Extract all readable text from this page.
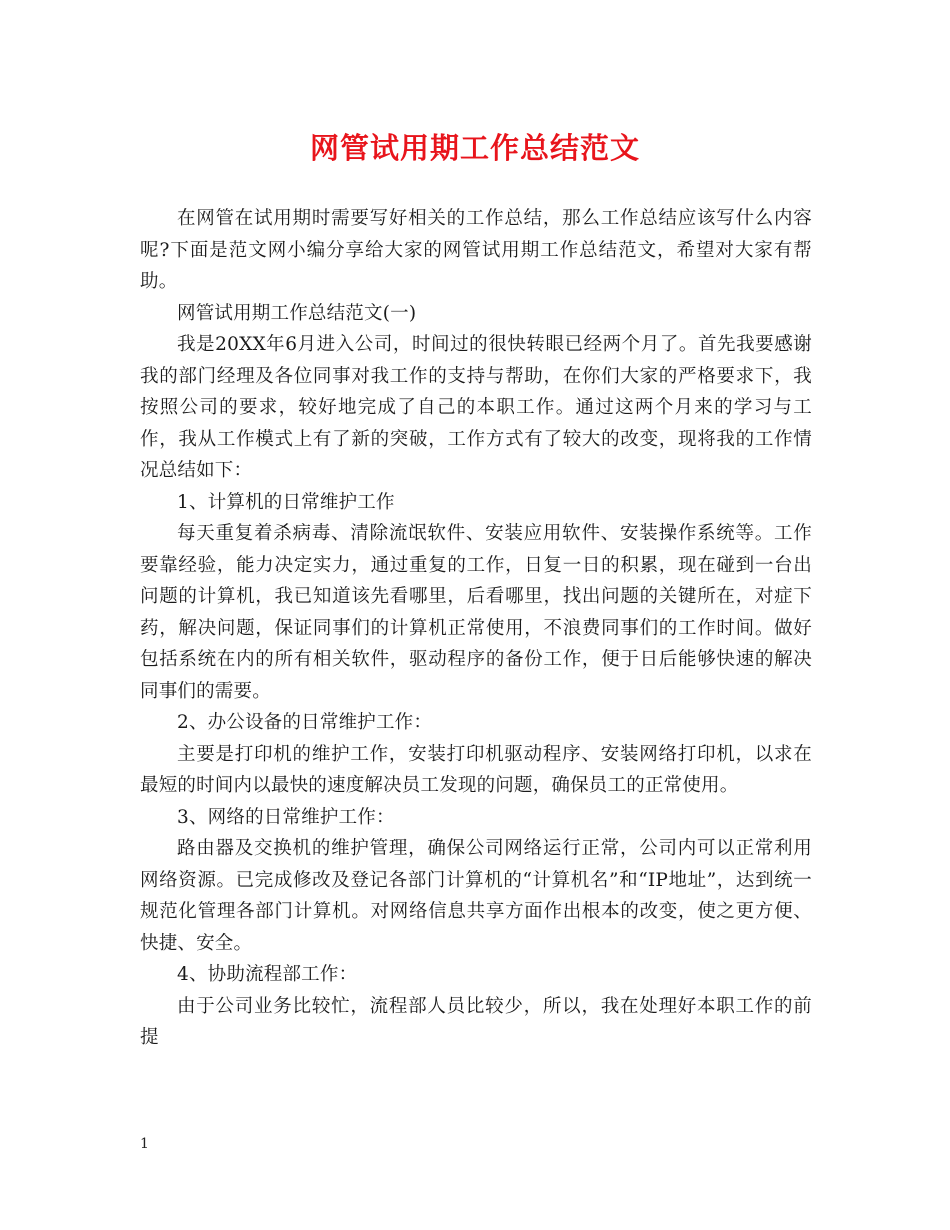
网管试用期工作总结范文

在网管在试用期时需要写好相关的工作总结，那么工作总结应该写什么内容呢?下面是范文网小编分享给大家的网管试用期工作总结范文，希望对大家有帮助。

网管试用期工作总结范文(一)

我是20XX年6月进入公司，时间过的很快转眼已经两个月了。首先我要感谢我的部门经理及各位同事对我工作的支持与帮助，在你们大家的严格要求下，我按照公司的要求，较好地完成了自己的本职工作。通过这两个月来的学习与工作，我从工作模式上有了新的突破，工作方式有了较大的改变，现将我的工作情况总结如下：

1、计算机的日常维护工作

每天重复着杀病毒、清除流氓软件、安装应用软件、安装操作系统等。工作要靠经验，能力决定实力，通过重复的工作，日复一日的积累，现在碰到一台出问题的计算机，我已知道该先看哪里，后看哪里，找出问题的关键所在，对症下药，解决问题，保证同事们的计算机正常使用，不浪费同事们的工作时间。做好包括系统在内的所有相关软件，驱动程序的备份工作，便于日后能够快速的解决同事们的需要。

2、办公设备的日常维护工作：

主要是打印机的维护工作，安装打印机驱动程序、安装网络打印机，以求在最短的时间内以最快的速度解决员工发现的问题，确保员工的正常使用。

3、网络的日常维护工作：

路由器及交换机的维护管理，确保公司网络运行正常，公司内可以正常利用网络资源。已完成修改及登记各部门计算机的“计算机名”和“IP地址”，达到统一规范化管理各部门计算机。对网络信息共享方面作出根本的改变，使之更方便、快捷、安全。

4、协助流程部工作：

由于公司业务比较忙，流程部人员比较少，所以，我在处理好本职工作的前提

1
